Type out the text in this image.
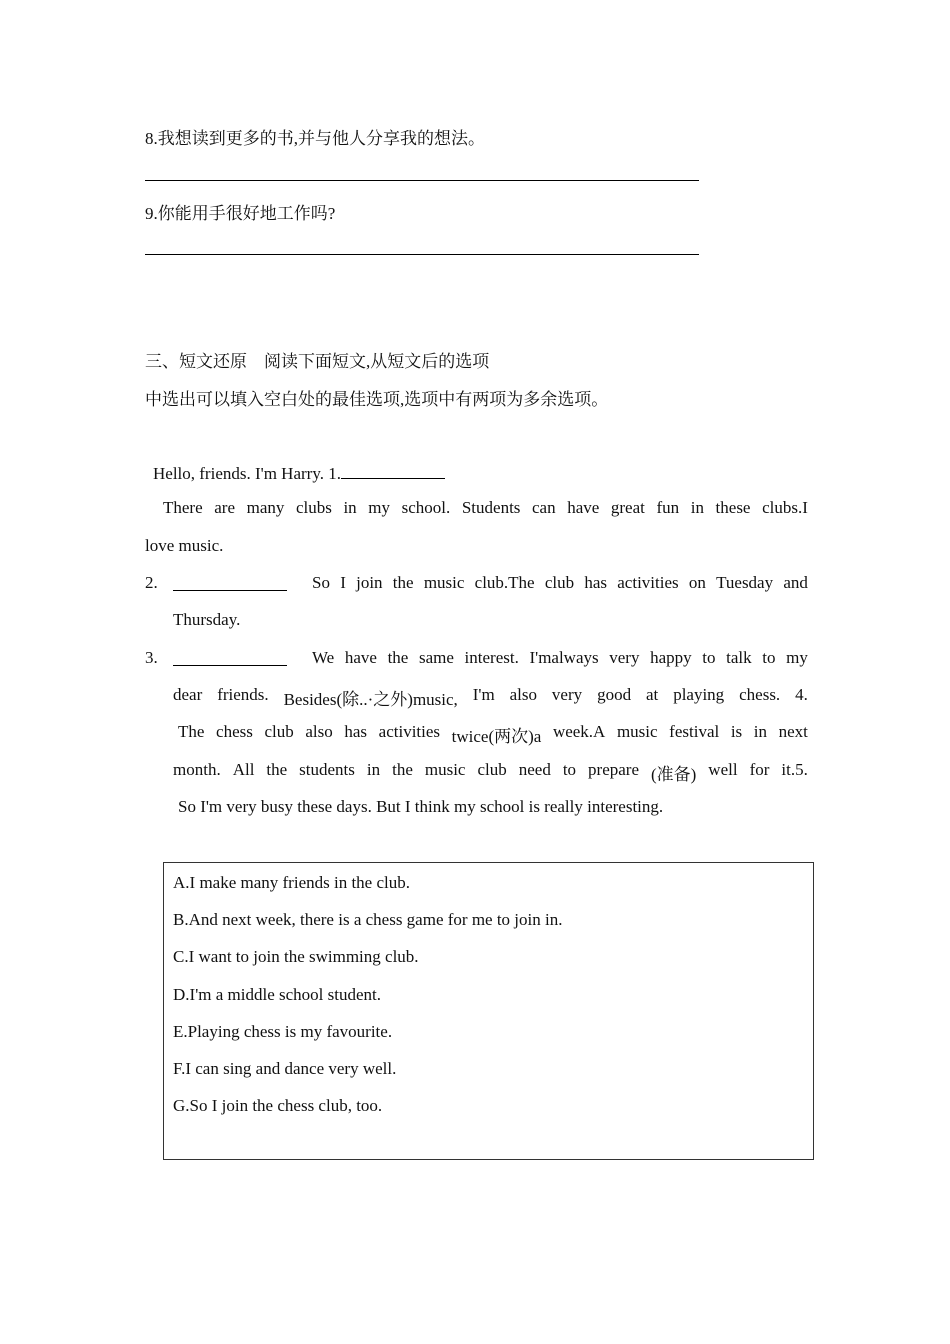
8.我想读到更多的书,并与他人分享我的想法。
9.你能用手很好地工作吗?
三、短文还原　阅读下面短文,从短文后的选项
中选出可以填入空白处的最佳选项,选项中有两项为多余选项。
Hello, friends. I'm Harry. 1.
There are many clubs in my school. Students can have great fun in these clubs.I
love music.
2.	So I join the music club.The club has activities on Tuesday and
Thursday.
3.	We have the same interest. I'malways very happy to talk to my
dear friends. Besides(除..·之外)music, I'm also very good at playing chess. 4.
The chess club also has activities twice(两次)a week.A music festival is in next
month. All the students in the music club need to prepare (准备) well for it.5.
So I'm very busy these days. But I think my school is really interesting.
A.I make many friends in the club.
B.And next week, there is a chess game for me to join in.
C.I want to join the swimming club.
D.I'm a middle school student.
E.Playing chess is my favourite.
F.I can sing and dance very well.
G.So I join the chess club, too.
